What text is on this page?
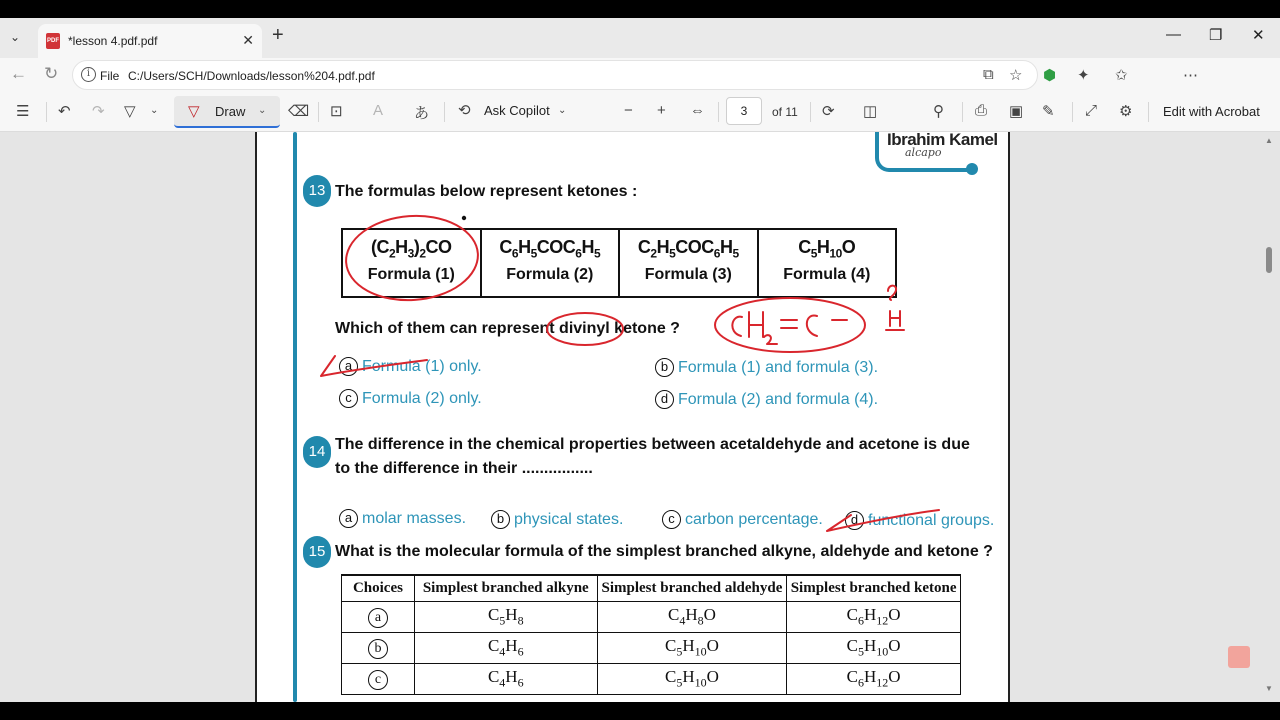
⌄	PDF *lesson 4.pdf.pdf	✕ +	— ❐ ✕
← ↻	i File C:/Users/SCH/Downloads/lesson%204.pdf.pdf	⧉ ☆ ⬢ ✦ ✩	⋯
☰ ↶ ↷ ▽ ⌄ ▽ Draw ⌄ ⌫ ⊡ A あ ⟲ Ask Copilot ⌄	− + ⇔	3	of 11 ⟳ ◫	⚲ ⎙ ▣ ✎ ⤢ ⚙ Edit with Acrobat
Ibrahim Kamel
alcapo
13 The formulas below represent ketones :
$(C_2H_3)_2CO$
Formula (1)
$C_6H_5COC_6H_5$
Formula (2)
$C_2H_5COC_6H_5$
Formula (3)
$C_5H_{10}O$
Formula (4)
Which of them can represent divinyl ketone ?
a Formula (1) only.	b Formula (1) and formula (3).
c Formula (2) only.	d Formula (2) and formula (4).
14 The difference in the chemical properties between acetaldehyde and acetone is due
to the difference in their ................
a molar masses.	b physical states.	c carbon percentage.	d functional groups.
15 What is the molecular formula of the simplest branched alkyne, aldehyde and ketone ?
Choices	Simplest branched alkyne	Simplest branched aldehyde	Simplest branched ketone
a	$C_5H_8$	$C_4H_8O$	$C_6H_{12}O$
b	$C_4H_6$	$C_5H_{10}O$	$C_5H_{10}O$
c	$C_4H_6$	$C_5H_{10}O$	$C_6H_{12}O$
▲
▼
